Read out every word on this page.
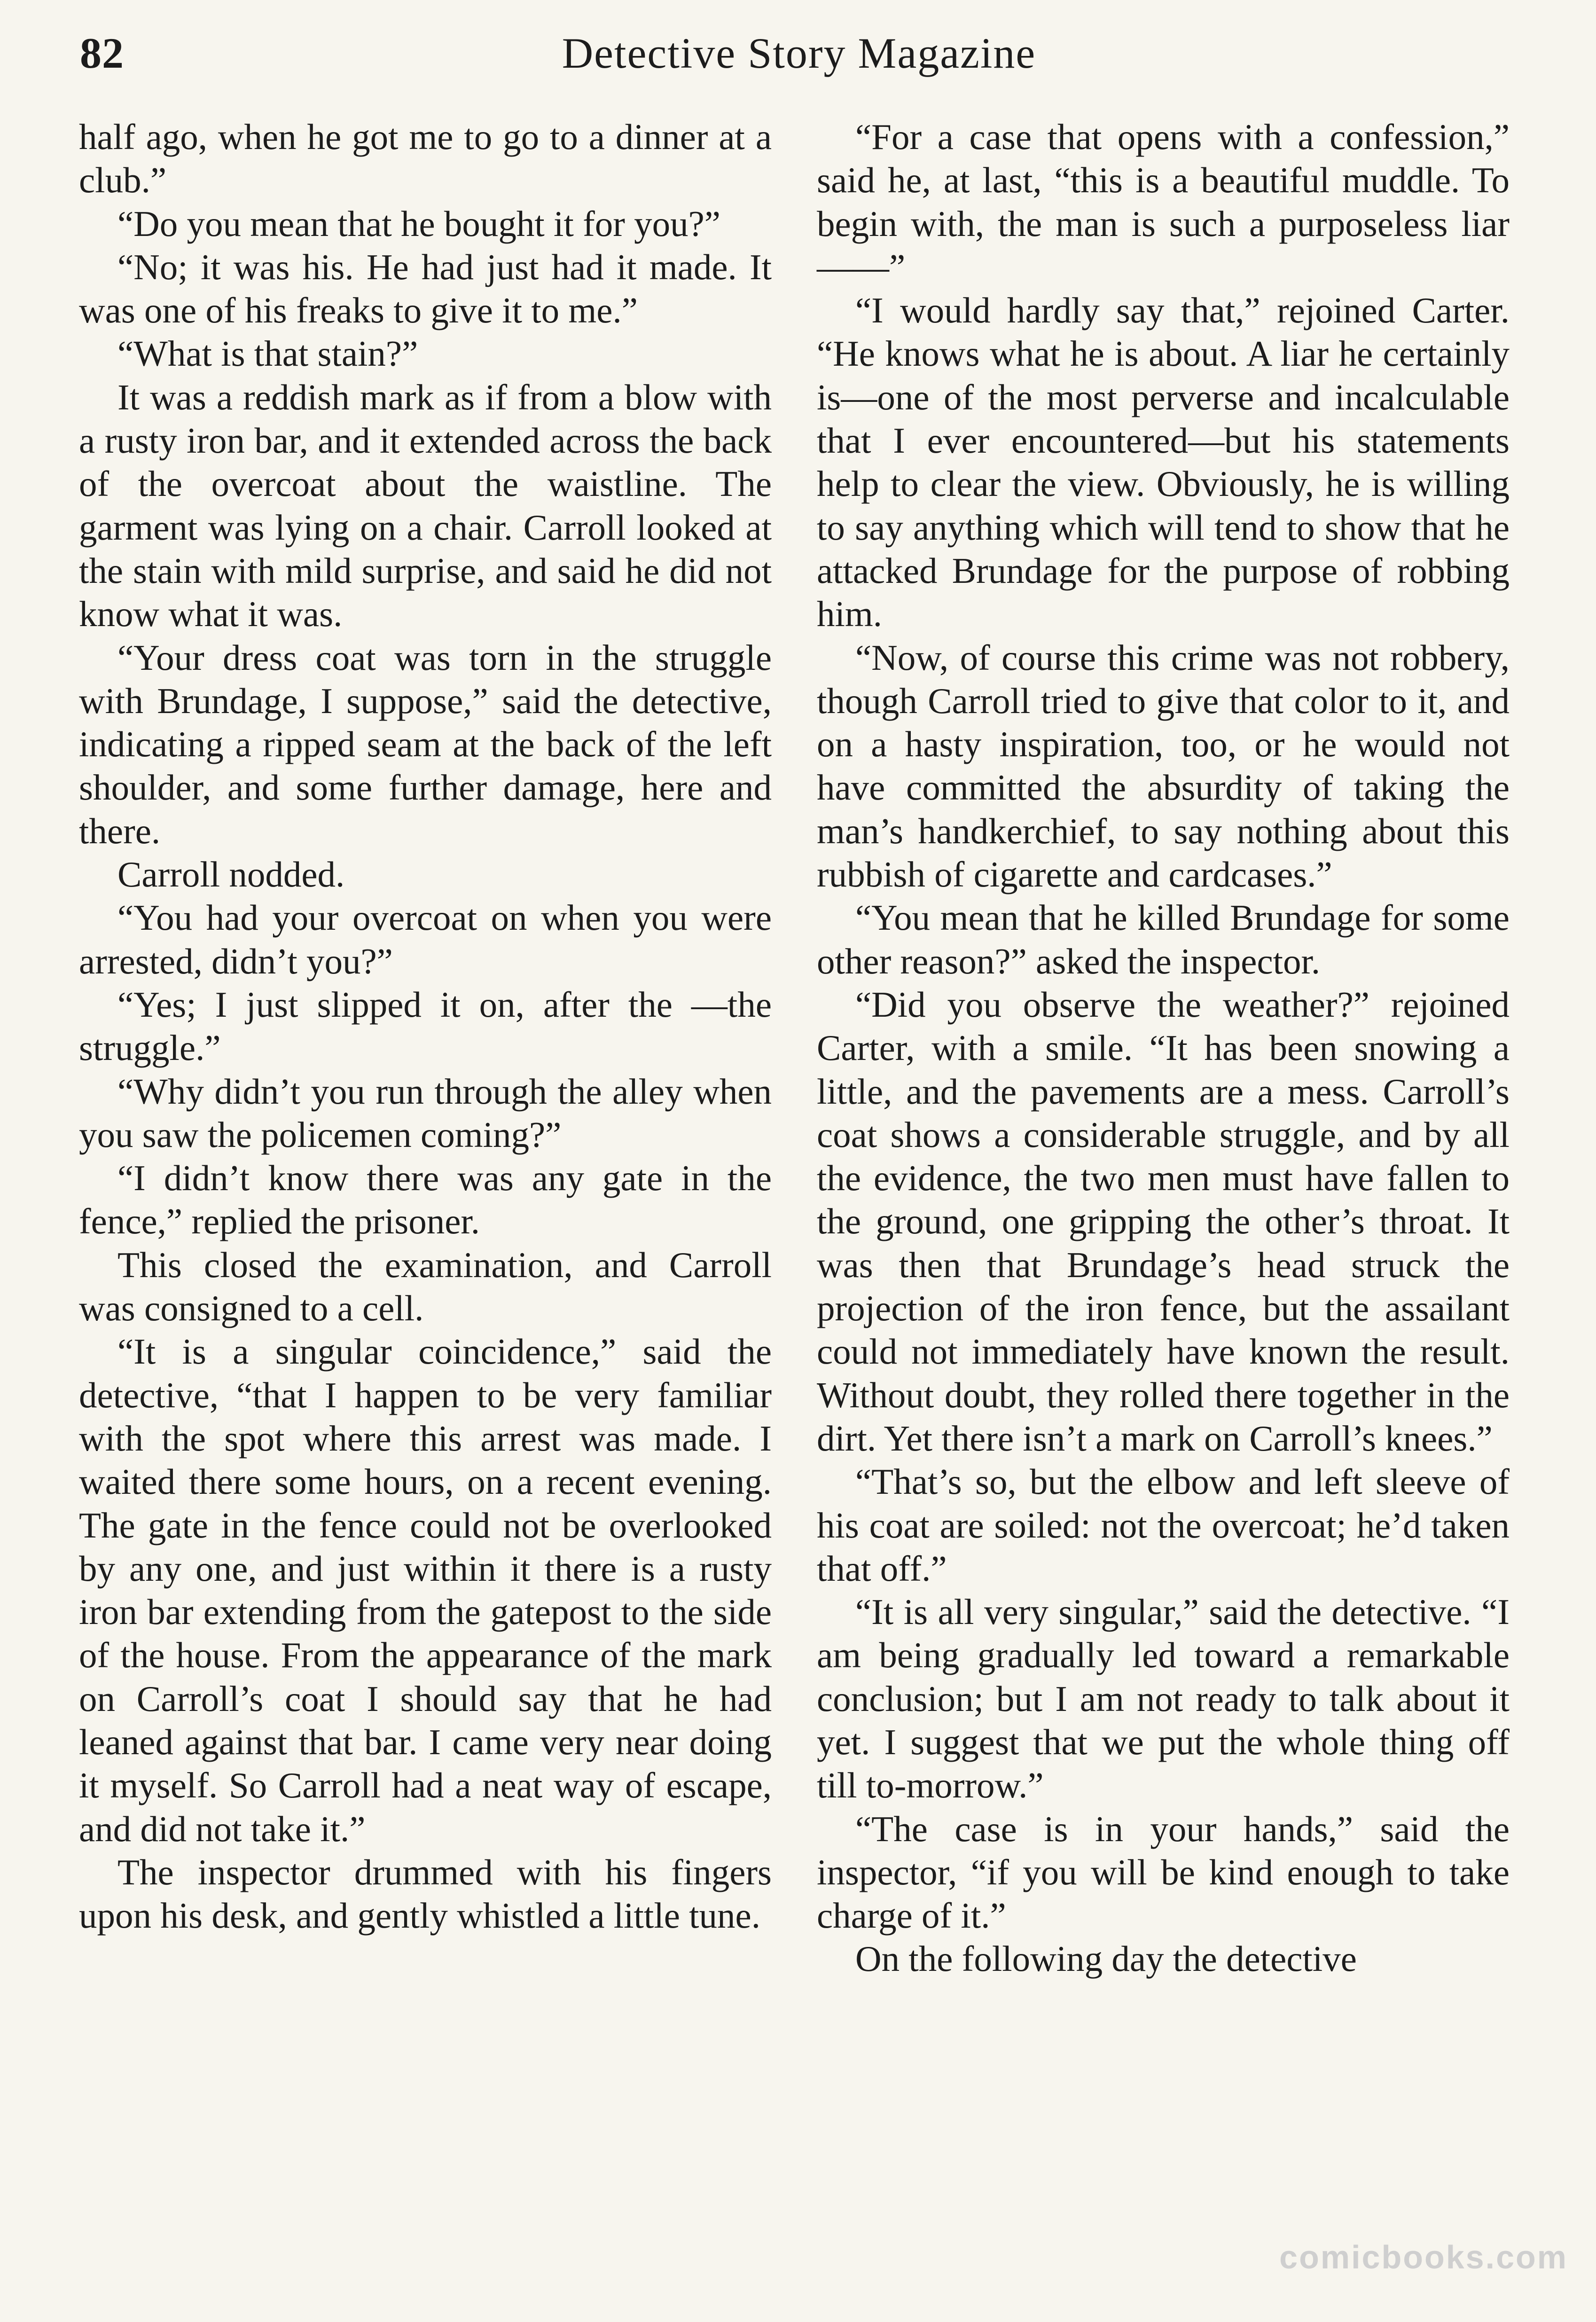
82	Detective Story Magazine

half ago, when he got me to go to a dinner at a club.”

“Do you mean that he bought it for you?”

“No; it was his. He had just had it made. It was one of his freaks to give it to me.”

“What is that stain?”

It was a reddish mark as if from a blow with a rusty iron bar, and it extended across the back of the overcoat about the waistline. The garment was lying on a chair. Carroll looked at the stain with mild surprise, and said he did not know what it was.

“Your dress coat was torn in the struggle with Brundage, I suppose,” said the detective, indicating a ripped seam at the back of the left shoulder, and some further damage, here and there.

Carroll nodded.

“You had your overcoat on when you were arrested, didn’t you?”

“Yes; I just slipped it on, after the —the struggle.”

“Why didn’t you run through the alley when you saw the policemen coming?”

“I didn’t know there was any gate in the fence,” replied the prisoner.

This closed the examination, and Carroll was consigned to a cell.

“It is a singular coincidence,” said the detective, “that I happen to be very familiar with the spot where this arrest was made. I waited there some hours, on a recent evening. The gate in the fence could not be overlooked by any one, and just within it there is a rusty iron bar extending from the gatepost to the side of the house. From the appearance of the mark on Carroll’s coat I should say that he had leaned against that bar. I came very near doing it myself. So Carroll had a neat way of escape, and did not take it.”

The inspector drummed with his fingers upon his desk, and gently whistled a little tune.

“For a case that opens with a confession,” said he, at last, “this is a beautiful muddle. To begin with, the man is such a purposeless liar——”

“I would hardly say that,” rejoined Carter. “He knows what he is about. A liar he certainly is—one of the most perverse and incalculable that I ever encountered—but his statements help to clear the view. Obviously, he is willing to say anything which will tend to show that he attacked Brundage for the purpose of robbing him.

“Now, of course this crime was not robbery, though Carroll tried to give that color to it, and on a hasty inspiration, too, or he would not have committed the absurdity of taking the man’s handkerchief, to say nothing about this rubbish of cigarette and cardcases.”

“You mean that he killed Brundage for some other reason?” asked the inspector.

“Did you observe the weather?” rejoined Carter, with a smile. “It has been snowing a little, and the pavements are a mess. Carroll’s coat shows a considerable struggle, and by all the evidence, the two men must have fallen to the ground, one gripping the other’s throat. It was then that Brundage’s head struck the projection of the iron fence, but the assailant could not immediately have known the result. Without doubt, they rolled there together in the dirt. Yet there isn’t a mark on Carroll’s knees.”

“That’s so, but the elbow and left sleeve of his coat are soiled: not the overcoat; he’d taken that off.”

“It is all very singular,” said the detective. “I am being gradually led toward a remarkable conclusion; but I am not ready to talk about it yet. I suggest that we put the whole thing off till to-morrow.”

“The case is in your hands,” said the inspector, “if you will be kind enough to take charge of it.”

On the following day the detective

comicbooks.com
